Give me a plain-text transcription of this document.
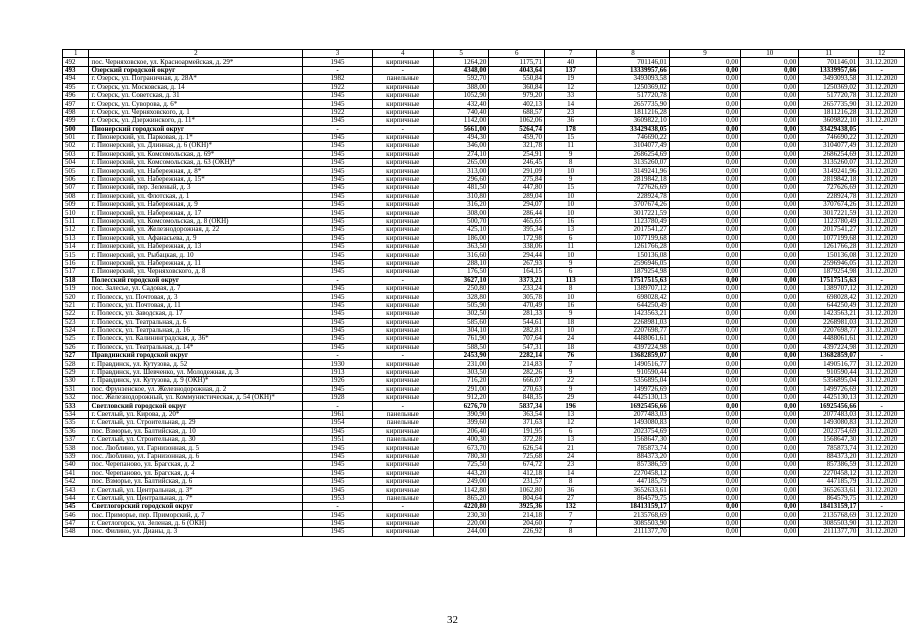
1	2	3	4	5	6	7	8	9	10	11	12
492	пос. Черняховское, ул. Красноармейская, д. 29*	1945	кирпичные	1264,20	1175,71	40	701146,01	0,00	0,00	701146,01	31.12.2020
493	Озерский городской округ	-	-	4348,00	4043,64	137	13339957,66	0,00	0,00	13339957,66	-
494	г. Озерск, ул. Пограничная, д. 28А*	1982	панельные	592,70	550,84	19	3493093,58	0,00	0,00	3493093,58	31.12.2020
495	г. Озерск, ул. Московская, д. 14	1922	кирпичные	388,00	360,84	12	1250369,02	0,00	0,00	1250369,02	31.12.2020
496	г. Озерск, ул. Советская, д. 31	1945	кирпичные	1052,90	979,20	33	517720,78	0,00	0,00	517720,78	31.12.2020
497	г. Озерск, ул. Суворова, д. 6*	1945	кирпичные	432,40	402,13	14	2657735,90	0,00	0,00	2657735,90	31.12.2020
498	г. Озерск, ул. Черняховского, д. 1	1922	кирпичные	740,40	688,57	23	1811216,28	0,00	0,00	1811216,28	31.12.2020
499	г. Озерск, ул. Дзержинского, д. 11*	1945	кирпичные	1142,00	1062,06	36	3609822,10	0,00	0,00	3609822,10	31.12.2020
500	Пионерский городской округ	-	-	5661,00	5264,74	178	33429438,05	0,00	0,00	33429438,05	-
501	г. Пионерский, ул. Парковая, д. 1*	1945	кирпичные	494,30	459,70	15	746690,22	0,00	0,00	746690,22	31.12.2020
502	г. Пионерский, ул. Длинная, д. 6 (ОКН)*	1945	кирпичные	346,00	321,78	11	3104077,49	0,00	0,00	3104077,49	31.12.2020
503	г. Пионерский, ул. Комсомольская, д. 69*	1945	кирпичные	274,10	254,91	9	2686254,69	0,00	0,00	2686254,69	31.12.2020
504	г. Пионерский, ул. Комсомольская, д. 63 (ОКН)*	1945	кирпичные	265,00	246,45	8	3135260,07	0,00	0,00	3135260,07	31.12.2020
505	г. Пионерский, ул. Набережная, д. 8*	1945	кирпичные	313,00	291,09	10	3149241,96	0,00	0,00	3149241,96	31.12.2020
506	г. Пионерский, ул. Набережная, д. 15*	1945	кирпичные	296,60	275,84	9	2819842,18	0,00	0,00	2819842,18	31.12.2020
507	г. Пионерский, пер. Зеленый, д. 3	1945	кирпичные	481,50	447,80	15	727626,69	0,00	0,00	727626,69	31.12.2020
508	г. Пионерский, ул. Флотская, д. 1	1945	кирпичные	310,80	289,04	10	228924,78	0,00	0,00	228924,78	31.12.2020
509	г. Пионерский, ул. Набережная, д. 9	1945	кирпичные	316,20	294,07	10	3707674,26	0,00	0,00	3707674,26	31.12.2020
510	г. Пионерский, ул. Набережная, д. 17	1945	кирпичные	308,00	286,44	10	3017221,59	0,00	0,00	3017221,59	31.12.2020
511	г. Пионерский, ул. Комсомольская, д. 8 (ОКН)	1945	кирпичные	500,70	465,65	16	1123780,49	0,00	0,00	1123780,49	31.12.2020
512	г. Пионерский, ул. Железнодорожная, д. 22	1945	кирпичные	425,10	395,34	13	2017541,27	0,00	0,00	2017541,27	31.12.2020
513	г. Пионерский, ул. Афанасьева, д. 9	1945	кирпичные	186,00	172,98	6	1077199,68	0,00	0,00	1077199,68	31.12.2020
514	г. Пионерский, ул. Набережная, д. 13	1945	кирпичные	363,50	338,06	11	1261766,28	0,00	0,00	1261766,28	31.12.2020
515	г. Пионерский, ул. Рыбацкая, д. 10	1945	кирпичные	316,60	294,44	10	150136,08	0,00	0,00	150136,08	31.12.2020
516	г. Пионерский, ул. Набережная, д. 11	1945	кирпичные	288,10	267,93	9	2596946,05	0,00	0,00	2596946,05	31.12.2020
517	г. Пионерский, ул. Черняховского, д. 8	1945	кирпичные	176,50	164,15	6	1879254,98	0,00	0,00	1879254,98	31.12.2020
518	Полесский городской округ	-	-	3627,10	3373,21	113	17517515,63	0,00	0,00	17517515,63	-
519	пос. Залесье, ул. Садовая, д. 7	1945	кирпичные	250,80	233,24	8	1389707,12	0,00	0,00	1389707,12	31.12.2020
520	г. Полесск, ул. Почтовая, д. 3	1945	кирпичные	328,80	305,78	10	698028,42	0,00	0,00	698028,42	31.12.2020
521	г. Полесск, ул. Почтовая, д. 11	1945	кирпичные	505,90	470,49	16	644250,49	0,00	0,00	644250,49	31.12.2020
522	г. Полесск, ул. Заводская, д. 17	1945	кирпичные	302,50	281,33	9	1423563,21	0,00	0,00	1423563,21	31.12.2020
523	г. Полесск, ул. Театральная, д. 6	1945	кирпичные	585,60	544,61	18	2268981,03	0,00	0,00	2268981,03	31.12.2020
524	г. Полесск, ул. Театральная, д. 16	1945	кирпичные	304,10	282,81	10	2207698,77	0,00	0,00	2207698,77	31.12.2020
525	г. Полесск, ул. Калининградская, д. 36*	1945	кирпичные	761,90	707,64	24	4488061,61	0,00	0,00	4488061,61	31.12.2020
526	г. Полесск, ул. Театральная, д. 14*	1945	кирпичные	588,50	547,31	18	4397224,98	0,00	0,00	4397224,98	31.12.2020
527	Правдинский городской округ	-	-	2453,90	2282,14	76	13682859,07	0,00	0,00	13682859,07	-
528	г. Правдинск, ул. Кутузова, д. 52	1930	кирпичные	231,00	214,83	7	1490516,77	0,00	0,00	1490516,77	31.12.2020
529	г. Правдинск, ул. Шевченко, ул. Молодежная, д. 3	1913	кирпичные	303,50	282,26	9	910590,44	0,00	0,00	910590,44	31.12.2020
530	г. Правдинск, ул. Кутузова, д. 9 (ОКН)*	1926	кирпичные	716,20	666,07	22	5356895,04	0,00	0,00	5356895,04	31.12.2020
531	пос. Фрунзенское, ул. Железнодорожная, д. 2	1945	кирпичные	291,00	270,63	9	1499726,69	0,00	0,00	1499726,69	31.12.2020
532	пос. Железнодорожный, ул. Коммунистическая, д. 54 (ОКН)*	1928	кирпичные	912,20	848,35	29	4425130,13	0,00	0,00	4425130,13	31.12.2020
533	Светловский городской округ	-	-	6276,70	5837,34	196	16925456,66	0,00	0,00	16925456,66	-
534	г. Светлый, ул. Кирова, д. 20*	1961	панельные	390,90	363,54	13	2077483,03	0,00	0,00	2077483,03	31.12.2020
535	г. Светлый, ул. Строительная, д. 29	1954	панельные	399,60	371,63	12	1493080,83	0,00	0,00	1493080,83	31.12.2020
536	пос. Взморье, ул. Балтийская, д. 10	1945	кирпичные	206,40	191,95	6	2023754,69	0,00	0,00	2023754,69	31.12.2020
537	г. Светлый, ул. Строительная, д. 30	1951	панельные	400,30	372,28	13	1568647,30	0,00	0,00	1568647,30	31.12.2020
538	пос. Люблино, ул. Гарнизонная, д. 5	1945	кирпичные	673,70	626,54	21	785873,74	0,00	0,00	785873,74	31.12.2020
539	пос. Люблино, ул. Гарнизонная, д. 6	1945	кирпичные	780,30	725,68	24	884373,20	0,00	0,00	884373,20	31.12.2020
540	пос. Черепаново, ул. Брагская, д. 2	1945	кирпичные	725,50	674,72	23	857386,59	0,00	0,00	857386,59	31.12.2020
541	пос. Черепаново, ул. Брагская, д. 4	1945	кирпичные	443,20	412,18	14	2270458,12	0,00	0,00	2270458,12	31.12.2020
542	пос. Взморье, ул. Балтийская, д. 6	1945	кирпичные	249,00	231,57	8	447185,79	0,00	0,00	447185,79	31.12.2020
543	г. Светлый, ул. Центральная, д. 3*	1945	кирпичные	1142,80	1062,80	36	3652633,61	0,00	0,00	3652633,61	31.12.2020
544	г. Светлый, ул. Центральная, д. 7*	1953	панельные	865,20	804,64	27	864579,75	0,00	0,00	864579,75	31.12.2020
545	Светлогорский городской округ	-	-	4220,80	3925,36	132	18413159,17	0,00	0,00	18413159,17	-
546	пос. Приморье, пер. Приморский, д. 7	1945	кирпичные	230,30	214,18	7	2135768,69	0,00	0,00	2135768,69	31.12.2020
547	г. Светлогорск, ул. Зеленая, д. 6 (ОКН)	1945	кирпичные	220,00	204,60	7	3085503,90	0,00	0,00	3085503,90	31.12.2020
548	пос. Филино, ул. Дианы, д. 3	1945	кирпичные	244,00	226,92	8	2111377,70	0,00	0,00	2111377,70	31.12.2020
32
